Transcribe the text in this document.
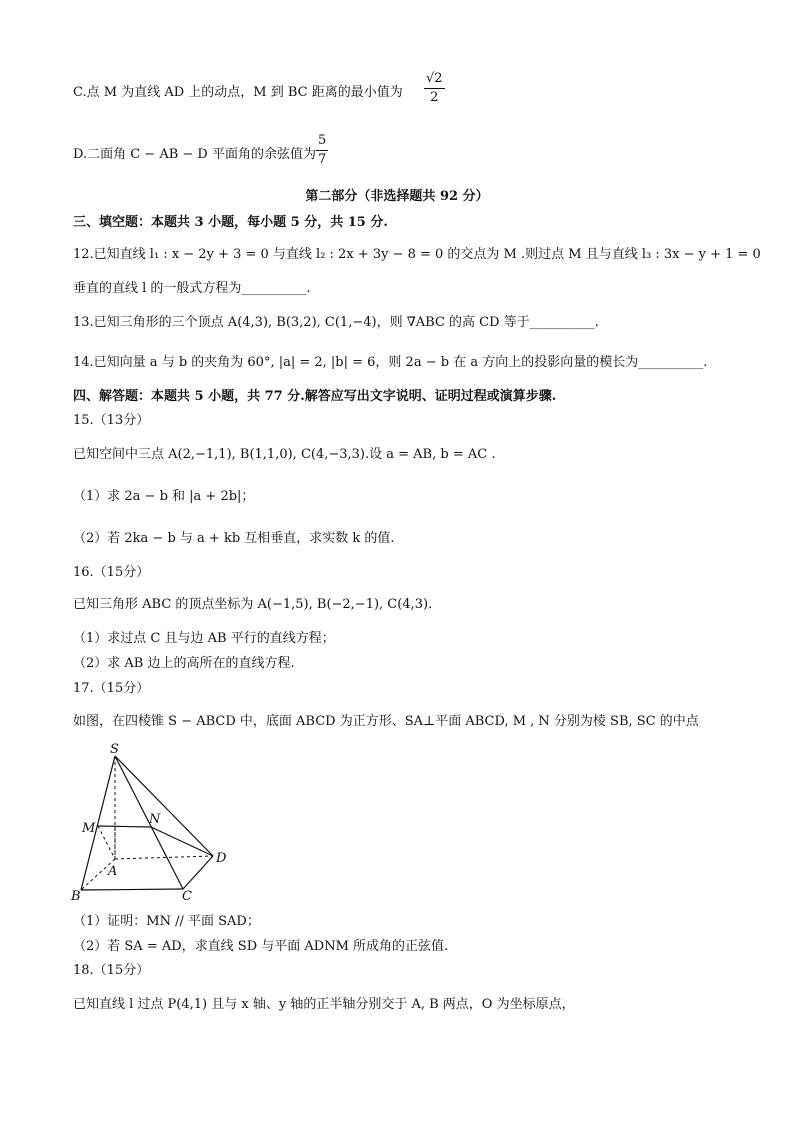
C.点 M 为直线 AD 上的动点，M 到 BC 距离的最小值为 $\frac{√2}{2}$
D.二面角 C − AB − D 平面角的余弦值为 $\frac{5}{7}$
第二部分（非选择题共 92 分）
三、填空题：本题共 3 小题，每小题 5 分，共 15 分.
12.已知直线 l₁ : x − 2y + 3 = 0 与直线 l₂ : 2x + 3y − 8 = 0 的交点为 M .则过点 M 且与直线 l₃ : 3x − y + 1 = 0
垂直的直线 l 的一般式方程为__________.
13.已知三角形的三个顶点 A(4,3), B(3,2), C(1,−4)，则 ∇ABC 的高 CD 等于__________.
14.已知向量 a 与 b 的夹角为 60°, |a| = 2, |b| = 6，则 2a − b 在 a 方向上的投影向量的模长为__________.
四、解答题：本题共 5 小题，共 77 分.解答应写出文字说明、证明过程或演算步骤.
15.（13分）
已知空间中三点 A(2,−1,1), B(1,1,0), C(4,−3,3).设 a = AB, b = AC .
（1）求 2a − b 和 |a + 2b|；
（2）若 2ka − b 与 a + kb 互相垂直，求实数 k 的值.
16.（15分）
已知三角形 ABC 的顶点坐标为 A(−1,5), B(−2,−1), C(4,3).
（1）求过点 C 且与边 AB 平行的直线方程；
（2）求 AB 边上的高所在的直线方程.
17.（15分）
如图，在四棱锥 S − ABCD 中，底面 ABCD 为正方形、SA⊥平面 ABCD, M , N 分别为棱 SB, SC 的中点
S
M
N
A
B	C
D
（1）证明：MN // 平面 SAD；
（2）若 SA = AD，求直线 SD 与平面 ADNM 所成角的正弦值.
18.（15分）
已知直线 l 过点 P(4,1) 且与 x 轴、y 轴的正半轴分别交于 A, B 两点，O 为坐标原点，
